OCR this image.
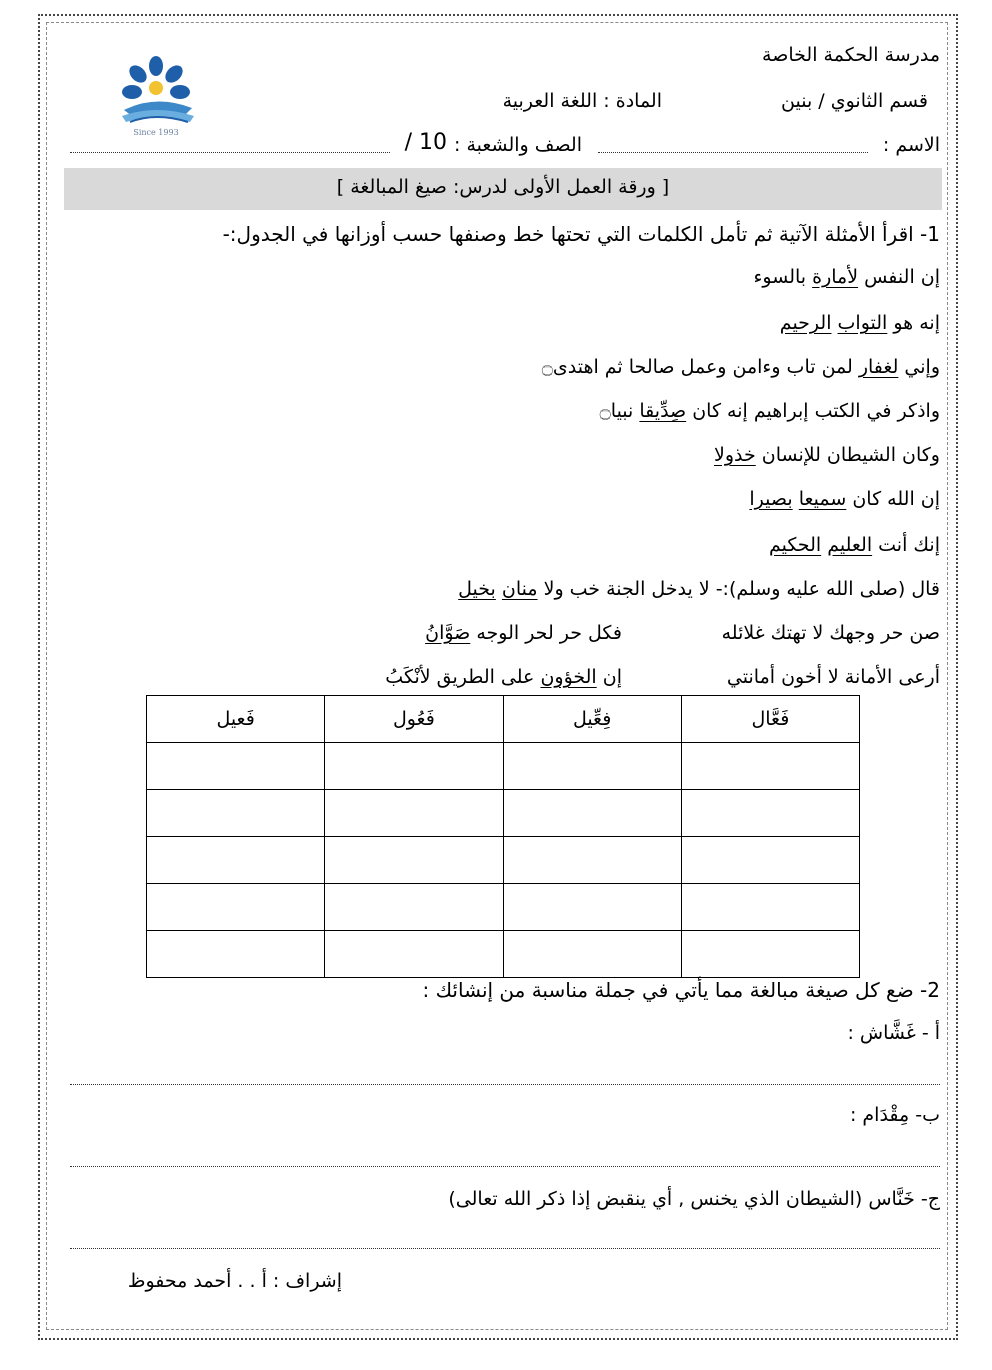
Since 1993
مدرسة الحكمة الخاصة
قسم الثانوي / بنين
المادة : اللغة العربية
الاسم :
الصف والشعبة :
10 /
[ ورقة العمل الأولى لدرس: صيغ المبالغة ]
1- اقرأ الأمثلة الآتية ثم تأمل الكلمات التي تحتها خط وصنفها حسب أوزانها في الجدول:-
إن النفس لأمارة بالسوء
إنه هو التواب الرحيم
وإني لغفار لمن تاب وءامن وعمل صالحا ثم اهتدى۝
واذكر في الكتب إبراهيم إنه كان صِدِّيقا نبيا۝
وكان الشيطان للإنسان خذولا
إن الله كان سميعا بصيرا
إنك أنت العليم الحكيم
قال (صلى الله عليه وسلم):- لا يدخل الجنة خب ولا منان بخيل
صن حر وجهك لا تهتك غلائله
فكل حر لحر الوجه صَوَّانُ
أرعى الأمانة لا أخون أمانتي
إن الخؤون على الطريق لأنْكَبُ
فَعَّال	فِعِّيل	فَعُول	فَعيل

2- ضع كل صيغة مبالغة مما يأتي في جملة مناسبة من إنشائك :
أ - غَشَّاش :
ب- مِقْدَام :
ج- خَنَّاس (الشيطان الذي يخنس , أي ينقبض إذا ذكر الله تعالى)
إشراف : أ . . أحمد محفوظ
